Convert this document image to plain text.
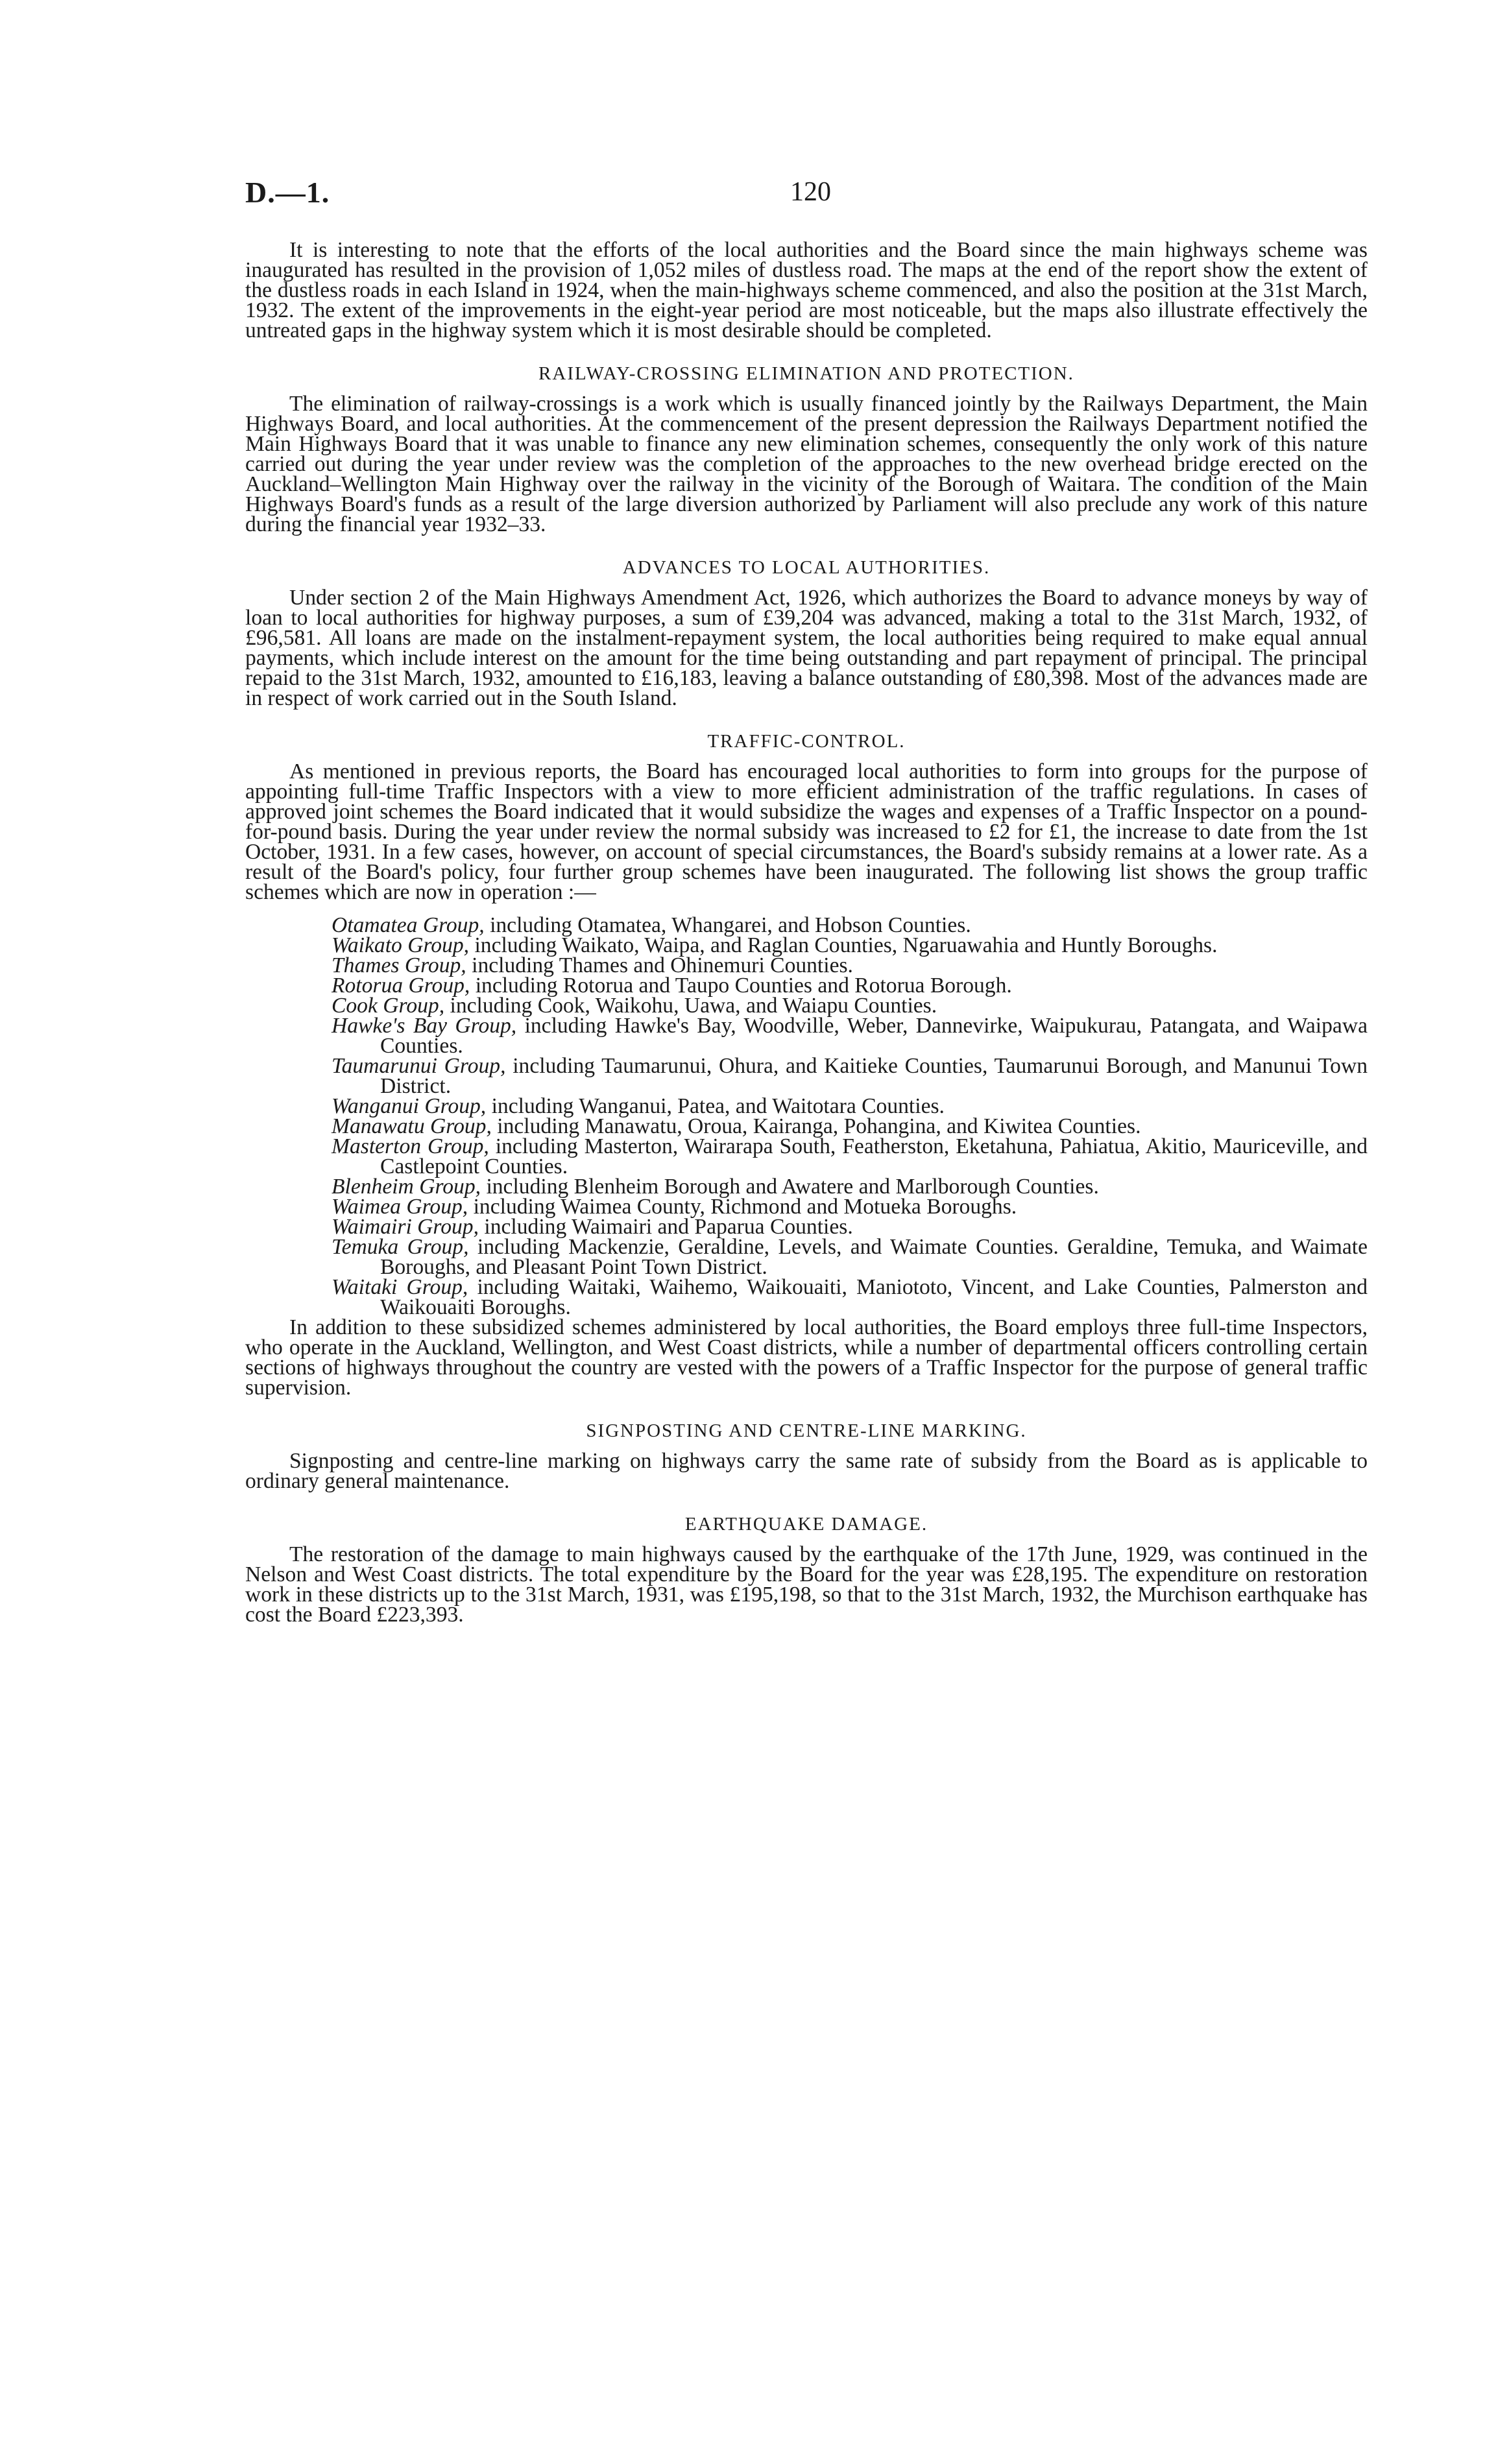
D.—1.	120

It is interesting to note that the efforts of the local authorities and the Board since the main highways scheme was inaugurated has resulted in the provision of 1,052 miles of dustless road. The maps at the end of the report show the extent of the dustless roads in each Island in 1924, when the main-highways scheme commenced, and also the position at the 31st March, 1932. The extent of the improvements in the eight-year period are most noticeable, but the maps also illustrate effectively the untreated gaps in the highway system which it is most desirable should be completed.

RAILWAY-CROSSING ELIMINATION AND PROTECTION.

The elimination of railway-crossings is a work which is usually financed jointly by the Railways Department, the Main Highways Board, and local authorities. At the commencement of the present depression the Railways Department notified the Main Highways Board that it was unable to finance any new elimination schemes, consequently the only work of this nature carried out during the year under review was the completion of the approaches to the new overhead bridge erected on the Auckland–Wellington Main Highway over the railway in the vicinity of the Borough of Waitara. The condition of the Main Highways Board's funds as a result of the large diversion authorized by Parliament will also preclude any work of this nature during the financial year 1932–33.

ADVANCES TO LOCAL AUTHORITIES.

Under section 2 of the Main Highways Amendment Act, 1926, which authorizes the Board to advance moneys by way of loan to local authorities for highway purposes, a sum of £39,204 was advanced, making a total to the 31st March, 1932, of £96,581. All loans are made on the instalment-repayment system, the local authorities being required to make equal annual payments, which include interest on the amount for the time being outstanding and part repayment of principal. The principal repaid to the 31st March, 1932, amounted to £16,183, leaving a balance outstanding of £80,398. Most of the advances made are in respect of work carried out in the South Island.

TRAFFIC-CONTROL.

As mentioned in previous reports, the Board has encouraged local authorities to form into groups for the purpose of appointing full-time Traffic Inspectors with a view to more efficient administration of the traffic regulations. In cases of approved joint schemes the Board indicated that it would subsidize the wages and expenses of a Traffic Inspector on a pound-for-pound basis. During the year under review the normal subsidy was increased to £2 for £1, the increase to date from the 1st October, 1931. In a few cases, however, on account of special circumstances, the Board's subsidy remains at a lower rate. As a result of the Board's policy, four further group schemes have been inaugurated. The following list shows the group traffic schemes which are now in operation :—

Otamatea Group, including Otamatea, Whangarei, and Hobson Counties.
Waikato Group, including Waikato, Waipa, and Raglan Counties, Ngaruawahia and Huntly Boroughs.
Thames Group, including Thames and Ohinemuri Counties.
Rotorua Group, including Rotorua and Taupo Counties and Rotorua Borough.
Cook Group, including Cook, Waikohu, Uawa, and Waiapu Counties.
Hawke's Bay Group, including Hawke's Bay, Woodville, Weber, Dannevirke, Waipukurau, Patangata, and Waipawa Counties.
Taumarunui Group, including Taumarunui, Ohura, and Kaitieke Counties, Taumarunui Borough, and Manunui Town District.
Wanganui Group, including Wanganui, Patea, and Waitotara Counties.
Manawatu Group, including Manawatu, Oroua, Kairanga, Pohangina, and Kiwitea Counties.
Masterton Group, including Masterton, Wairarapa South, Featherston, Eketahuna, Pahiatua, Akitio, Mauriceville, and Castlepoint Counties.
Blenheim Group, including Blenheim Borough and Awatere and Marlborough Counties.
Waimea Group, including Waimea County, Richmond and Motueka Boroughs.
Waimairi Group, including Waimairi and Paparua Counties.
Temuka Group, including Mackenzie, Geraldine, Levels, and Waimate Counties. Geraldine, Temuka, and Waimate Boroughs, and Pleasant Point Town District.
Waitaki Group, including Waitaki, Waihemo, Waikouaiti, Maniototo, Vincent, and Lake Counties, Palmerston and Waikouaiti Boroughs.

In addition to these subsidized schemes administered by local authorities, the Board employs three full-time Inspectors, who operate in the Auckland, Wellington, and West Coast districts, while a number of departmental officers controlling certain sections of highways throughout the country are vested with the powers of a Traffic Inspector for the purpose of general traffic supervision.

SIGNPOSTING AND CENTRE-LINE MARKING.

Signposting and centre-line marking on highways carry the same rate of subsidy from the Board as is applicable to ordinary general maintenance.

EARTHQUAKE DAMAGE.

The restoration of the damage to main highways caused by the earthquake of the 17th June, 1929, was continued in the Nelson and West Coast districts. The total expenditure by the Board for the year was £28,195. The expenditure on restoration work in these districts up to the 31st March, 1931, was £195,198, so that to the 31st March, 1932, the Murchison earthquake has cost the Board £223,393.
